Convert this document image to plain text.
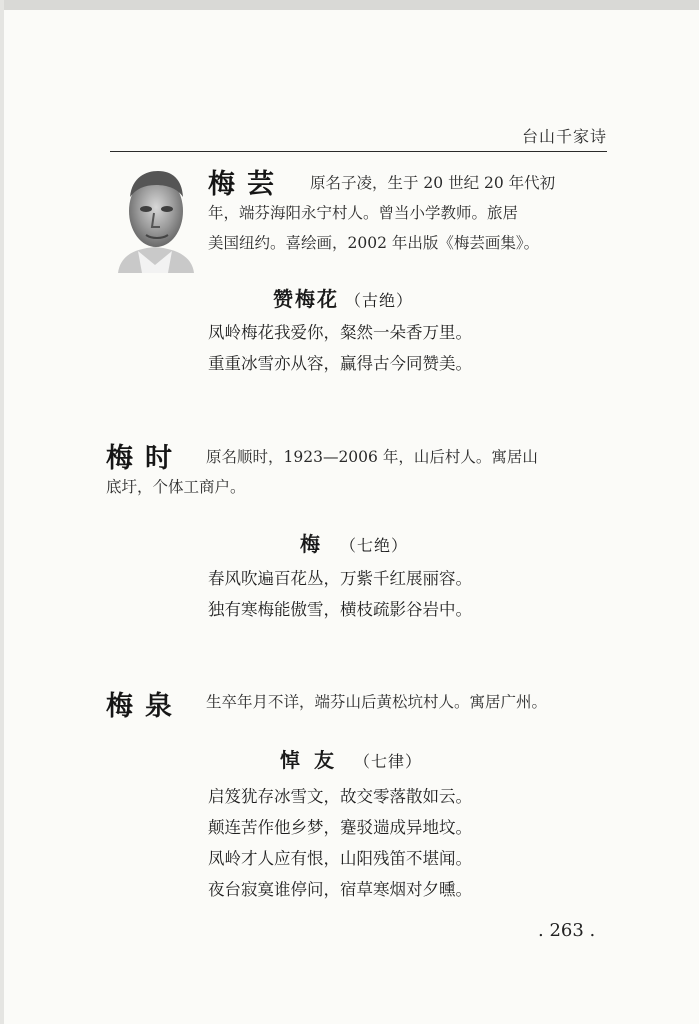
台山千家诗
梅芸	原名子凌，生于 20 世纪 20 年代初

年，端芬海阳永宁村人。曾当小学教师。旅居

美国纽约。喜绘画，2002 年出版《梅芸画集》。

赞梅花 （古绝）

凤岭梅花我爱你，粲然一朵香万里。

重重冰雪亦从容，赢得古今同赞美。

梅时	原名顺时，1923—2006 年，山后村人。寓居山

底圩，个体工商户。

梅 （七绝）

春风吹遍百花丛，万紫千红展丽容。

独有寒梅能傲雪，横枝疏影谷岩中。

梅泉 生卒年月不详，端芬山后黄松坑村人。寓居广州。

悼友 （七律）

启笈犹存冰雪文，故交零落散如云。

颠连苦作他乡梦，蹇驳遄成异地坟。

凤岭才人应有恨，山阳残笛不堪闻。

夜台寂寞谁停问，宿草寒烟对夕曛。

. 263 .
